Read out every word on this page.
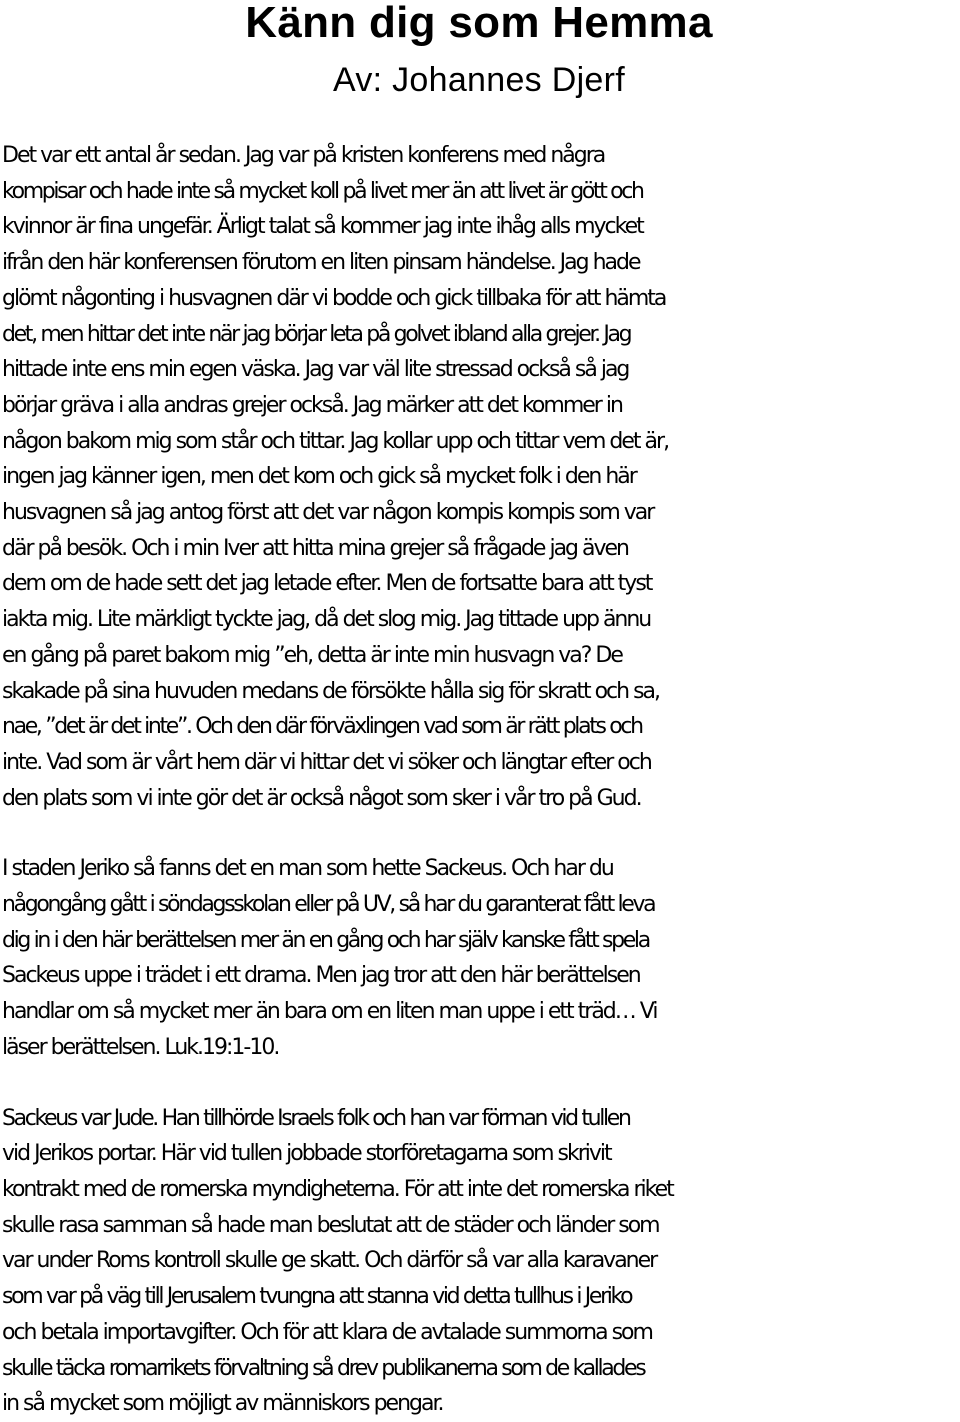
Känn dig som Hemma
Av: Johannes Djerf

Det var ett antal år sedan. Jag var på kristen konferens med några
kompisar och hade inte så mycket koll på livet mer än att livet är gött och
kvinnor är fina ungefär. Ärligt talat så kommer jag inte ihåg alls mycket
ifrån den här konferensen förutom en liten pinsam händelse. Jag hade
glömt någonting i husvagnen där vi bodde och gick tillbaka för att hämta
det, men hittar det inte när jag börjar leta på golvet ibland alla grejer. Jag
hittade inte ens min egen väska. Jag var väl lite stressad också så jag
börjar gräva i alla andras grejer också. Jag märker att det kommer in
någon bakom mig som står och tittar. Jag kollar upp och tittar vem det är,
ingen jag känner igen, men det kom och gick så mycket folk i den här
husvagnen så jag antog först att det var någon kompis kompis som var
där på besök. Och i min Iver att hitta mina grejer så frågade jag även
dem om de hade sett det jag letade efter. Men de fortsatte bara att tyst
iakta mig. Lite märkligt tyckte jag, då det slog mig. Jag tittade upp ännu
en gång på paret bakom mig ”eh, detta är inte min husvagn va? De
skakade på sina huvuden medans de försökte hålla sig för skratt och sa,
nae, ”det är det inte”. Och den där förväxlingen vad som är rätt plats och
inte. Vad som är vårt hem där vi hittar det vi söker och längtar efter och
den plats som vi inte gör det är också något som sker i vår tro på Gud.

I staden Jeriko så fanns det en man som hette Sackeus. Och har du
någongång gått i söndagsskolan eller på UV, så har du garanterat fått leva
dig in i den här berättelsen mer än en gång och har själv kanske fått spela
Sackeus uppe i trädet i ett drama. Men jag tror att den här berättelsen
handlar om så mycket mer än bara om en liten man uppe i ett träd… Vi
läser berättelsen. Luk.19:1-10.

Sackeus var Jude. Han tillhörde Israels folk och han var förman vid tullen
vid Jerikos portar. Här vid tullen jobbade storföretagarna som skrivit
kontrakt med de romerska myndigheterna. För att inte det romerska riket
skulle rasa samman så hade man beslutat att de städer och länder som
var under Roms kontroll skulle ge skatt. Och därför så var alla karavaner
som var på väg till Jerusalem tvungna att stanna vid detta tullhus i Jeriko
och betala importavgifter. Och för att klara de avtalade summorna som
skulle täcka romarrikets förvaltning så drev publikanerna som de kallades
in så mycket som möjligt av människors pengar.
